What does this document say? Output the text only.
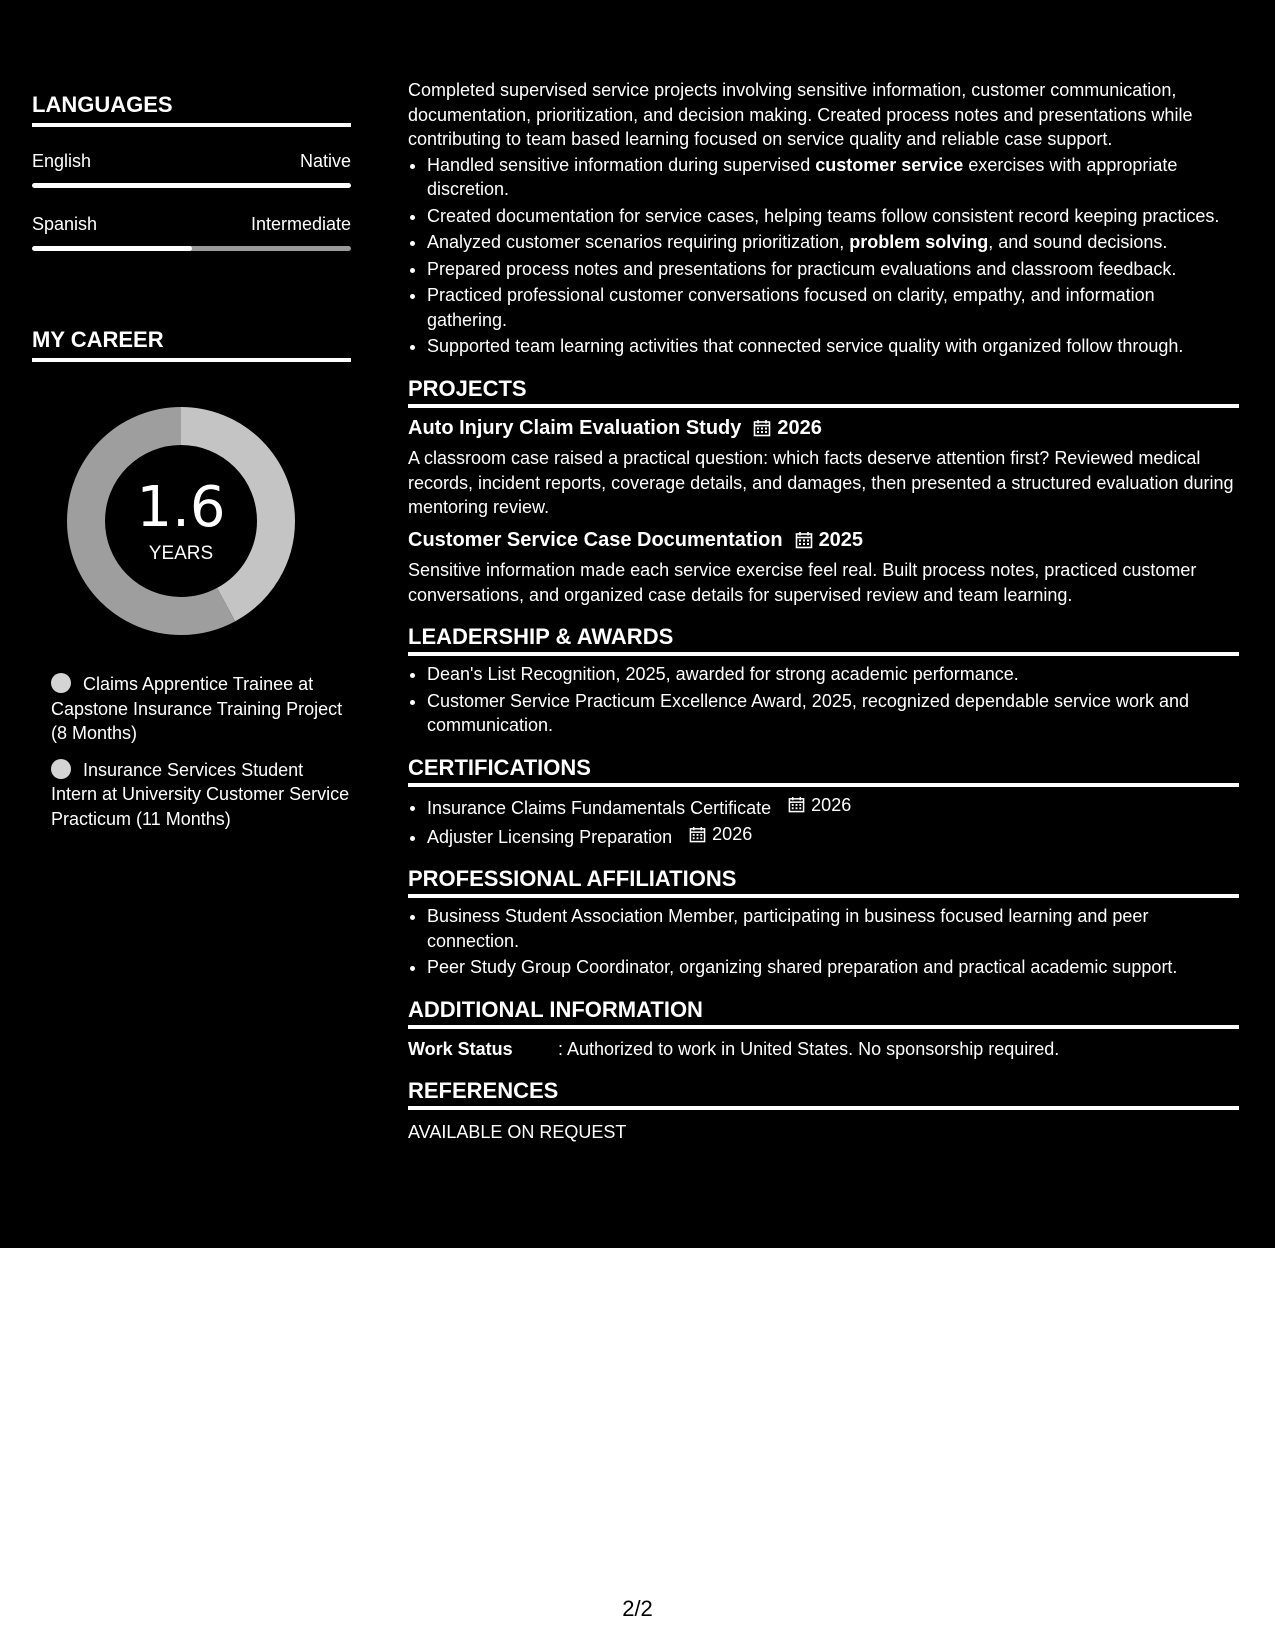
LANGUAGES
English	Native
Spanish	Intermediate
MY CAREER
1.6
YEARS
Claims Apprentice Trainee at Capstone Insurance Training Project (8 Months)
Insurance Services Student Intern at University Customer Service Practicum (11 Months)

Completed supervised service projects involving sensitive information, customer communication, documentation, prioritization, and decision making. Created process notes and presentations while contributing to team based learning focused on service quality and reliable case support.

• Handled sensitive information during supervised customer service exercises with appropriate discretion.
• Created documentation for service cases, helping teams follow consistent record keeping practices.
• Analyzed customer scenarios requiring prioritization, problem solving, and sound decisions.
• Prepared process notes and presentations for practicum evaluations and classroom feedback.
• Practiced professional customer conversations focused on clarity, empathy, and information gathering.
• Supported team learning activities that connected service quality with organized follow through.
PROJECTS
Auto Injury Claim Evaluation Study 2026

A classroom case raised a practical question: which facts deserve attention first? Reviewed medical records, incident reports, coverage details, and damages, then presented a structured evaluation during mentoring review.

Customer Service Case Documentation 2025

Sensitive information made each service exercise feel real. Built process notes, practiced customer conversations, and organized case details for supervised review and team learning.

LEADERSHIP & AWARDS
• Dean's List Recognition, 2025, awarded for strong academic performance.
• Customer Service Practicum Excellence Award, 2025, recognized dependable service work and communication.
CERTIFICATIONS
• Insurance Claims Fundamentals Certificate 2026
• Adjuster Licensing Preparation 2026
PROFESSIONAL AFFILIATIONS
• Business Student Association Member, participating in business focused learning and peer connection.
• Peer Study Group Coordinator, organizing shared preparation and practical academic support.
ADDITIONAL INFORMATION
Work Status	: Authorized to work in United States. No sponsorship required.
REFERENCES
AVAILABLE ON REQUEST
2/2
